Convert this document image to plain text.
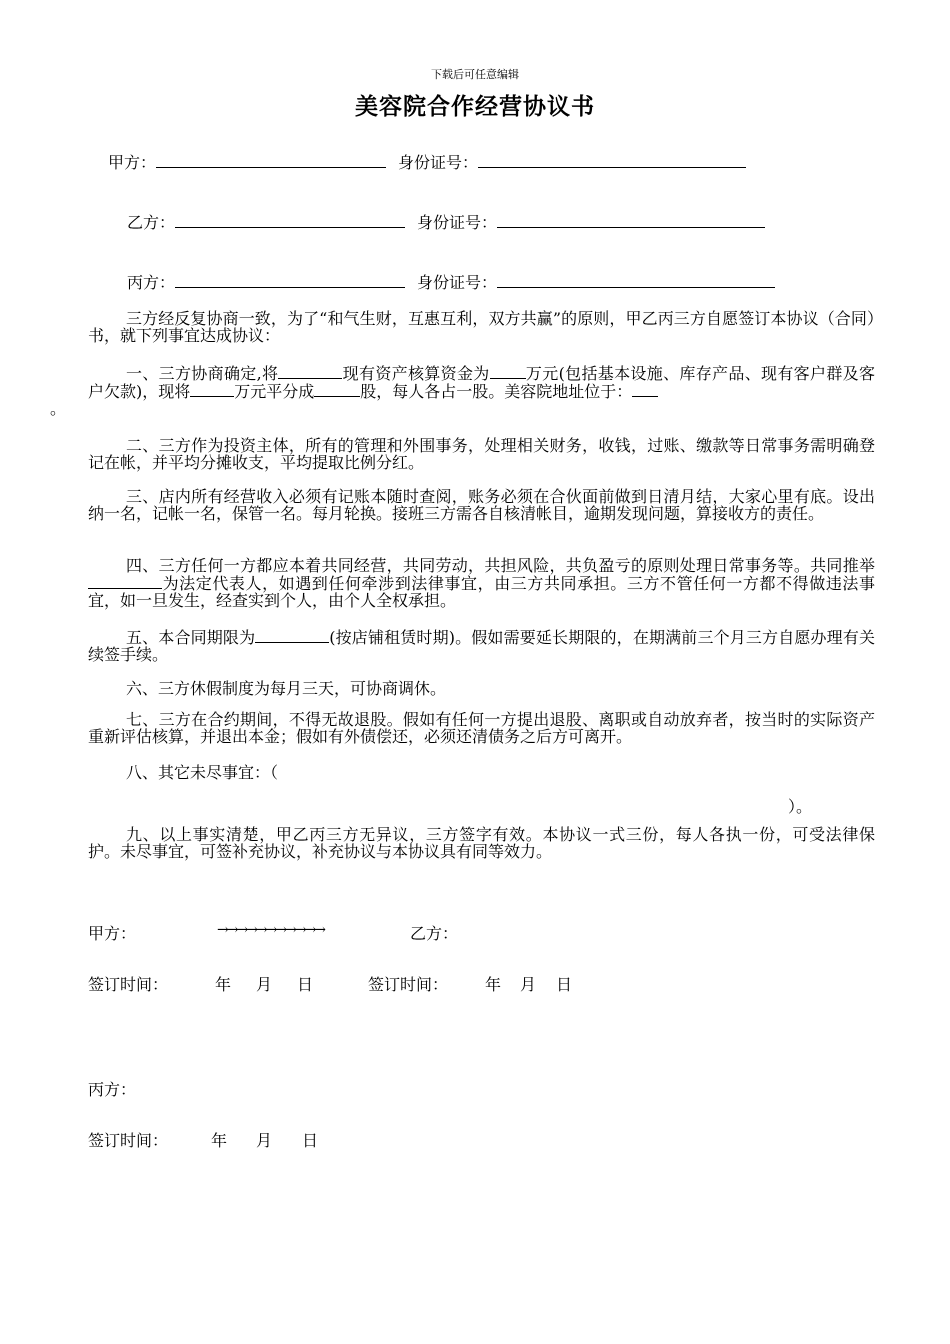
下载后可任意编辑
美容院合作经营协议书
甲方：	身份证号：
乙方：	身份证号：
丙方：	身份证号：
三方经反复协商一致，为了“和气生财，互惠互利，双方共赢”的原则，甲乙丙三方自愿签订本协议（合同）书，就下列事宜达成协议：
一、三方协商确定,将	现有资产核算资金为 万元(包括基本设施、库存产品、现有客户群及客户欠款)，现将	万元平分成	股，每人各占一股。美容院地址位于：
。
二、三方作为投资主体，所有的管理和外围事务，处理相关财务，收钱，过账、缴款等日常事务需明确登记在帐，并平均分摊收支，平均提取比例分红。
三、店内所有经营收入必须有记账本随时查阅，账务必须在合伙面前做到日清月结，大家心里有底。设出纳一名，记帐一名，保管一名。每月轮换。接班三方需各自核清帐目，逾期发现问题，算接收方的责任。
四、三方任何一方都应本着共同经营，共同劳动，共担风险，共负盈亏的原则处理日常事务等。共同推举为法定代表人，如遇到任何牵涉到法律事宜，由三方共同承担。三方不管任何一方都不得做违法事宜，如一旦发生，经查实到个人，由个人全权承担。
五、本合同期限为	(按店铺租赁时期)。假如需要延长期限的，在期满前三个月三方自愿办理有关续签手续。
六、三方休假制度为每月三天，可协商调休。
七、三方在合约期间，不得无故退股。假如有任何一方提出退股、离职或自动放弃者，按当时的实际资产重新评估核算，并退出本金；假如有外债偿还，必须还清债务之后方可离开。
八、其它未尽事宜：（
）。
九、以上事实清楚，甲乙丙三方无异议，三方签字有效。本协议一式三份，每人各执一份，可受法律保护。未尽事宜，可签补充协议，补充协议与本协议具有同等效力。
甲方：	→→→→→→→→→→→	乙方：
签订时间：	年 月 日	签订时间： 年 月 日
丙方：
签订时间：	年 月 日
